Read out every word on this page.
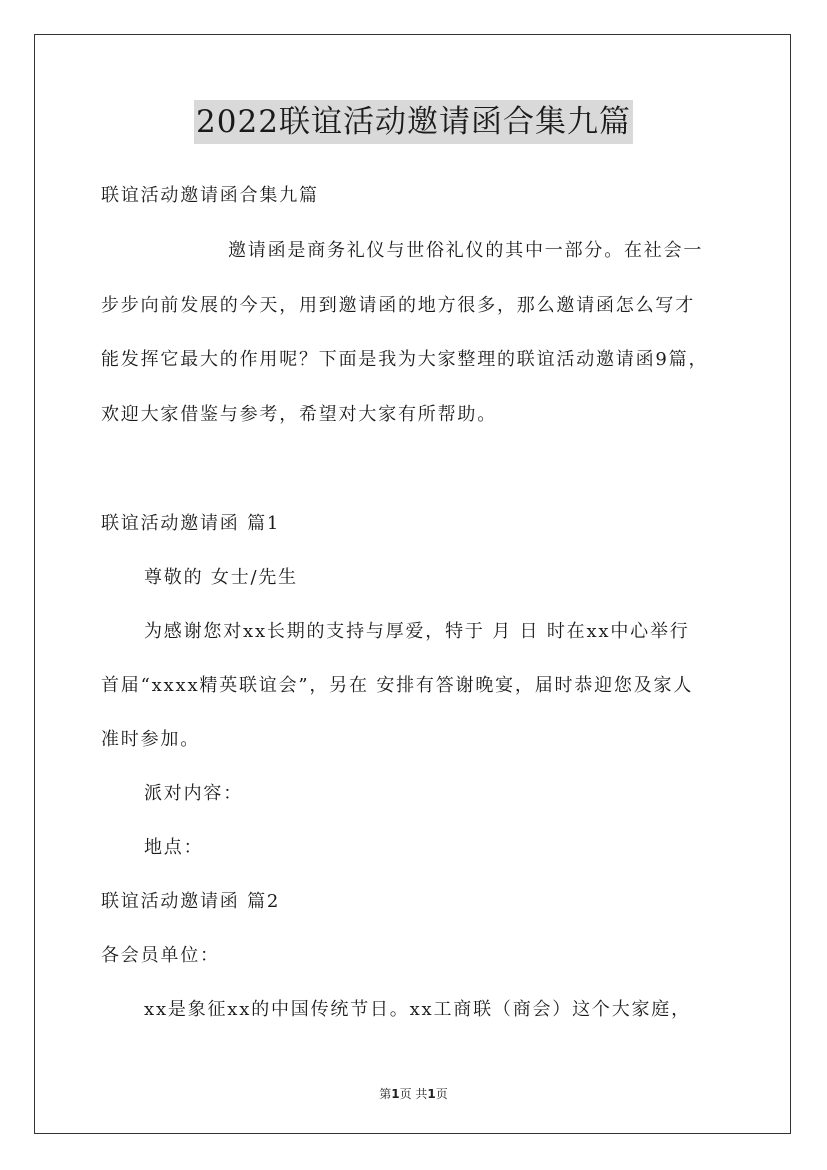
2022联谊活动邀请函合集九篇
联谊活动邀请函合集九篇
邀请函是商务礼仪与世俗礼仪的其中一部分。在社会一
步步向前发展的今天，用到邀请函的地方很多，那么邀请函怎么写才
能发挥它最大的作用呢？下面是我为大家整理的联谊活动邀请函9篇，
欢迎大家借鉴与参考，希望对大家有所帮助。
联谊活动邀请函 篇1
尊敬的 女士/先生
为感谢您对xx长期的支持与厚爱，特于 月 日 时在xx中心举行
首届“xxxx精英联谊会”，另在 安排有答谢晚宴，届时恭迎您及家人
准时参加。
派对内容：
地点：
联谊活动邀请函 篇2
各会员单位：
xx是象征xx的中国传统节日。xx工商联（商会）这个大家庭，
第1页 共1页
